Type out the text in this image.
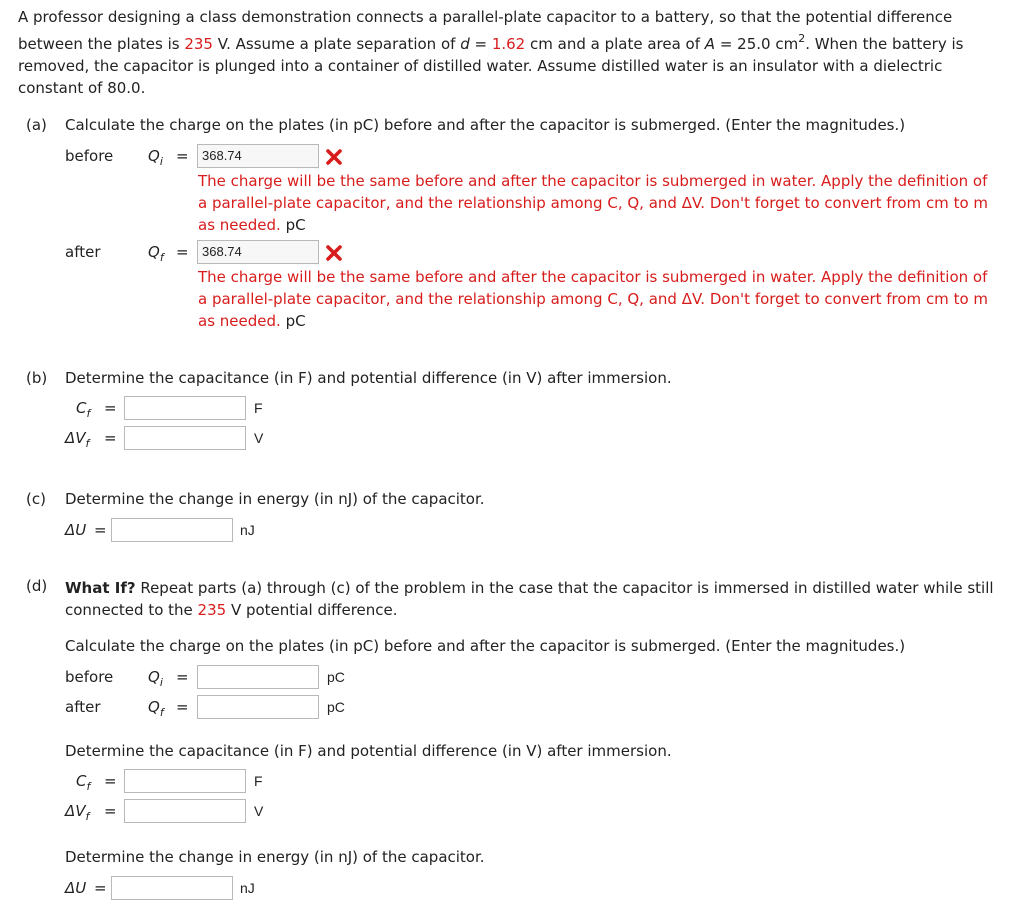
A professor designing a class demonstration connects a parallel-plate capacitor to a battery, so that the potential difference between the plates is 235 V. Assume a plate separation of d = 1.62 cm and a plate area of A = 25.0 $cm^2$. When the battery is removed, the capacitor is plunged into a container of distilled water. Assume distilled water is an insulator with a dielectric constant of 80.0.
(a) Calculate the charge on the plates (in pC) before and after the capacitor is submerged. (Enter the magnitudes.)
before $Q_i$ =	368.74
The charge will be the same before and after the capacitor is submerged in water. Apply the definition of a parallel-plate capacitor, and the relationship among C, Q, and ΔV. Don't forget to convert from cm to m as needed. pC
after	$Q_f$ =	368.74
The charge will be the same before and after the capacitor is submerged in water. Apply the definition of a parallel-plate capacitor, and the relationship among C, Q, and ΔV. Don't forget to convert from cm to m as needed. pC
(b) Determine the capacitance (in F) and potential difference (in V) after immersion.
$C_f$ =	F
$\Delta V_f$ =	V
(c) Determine the change in energy (in nJ) of the capacitor.
ΔU =	nJ
(d) What If? Repeat parts (a) through (c) of the problem in the case that the capacitor is immersed in distilled water while still connected to the 235 V potential difference.
Calculate the charge on the plates (in pC) before and after the capacitor is submerged. (Enter the magnitudes.)
before $Q_i$ =	pC
after	$Q_f$ =	pC
Determine the capacitance (in F) and potential difference (in V) after immersion.
$C_f$ =	F
$\Delta V_f$ =	V
Determine the change in energy (in nJ) of the capacitor.
ΔU =	nJ
